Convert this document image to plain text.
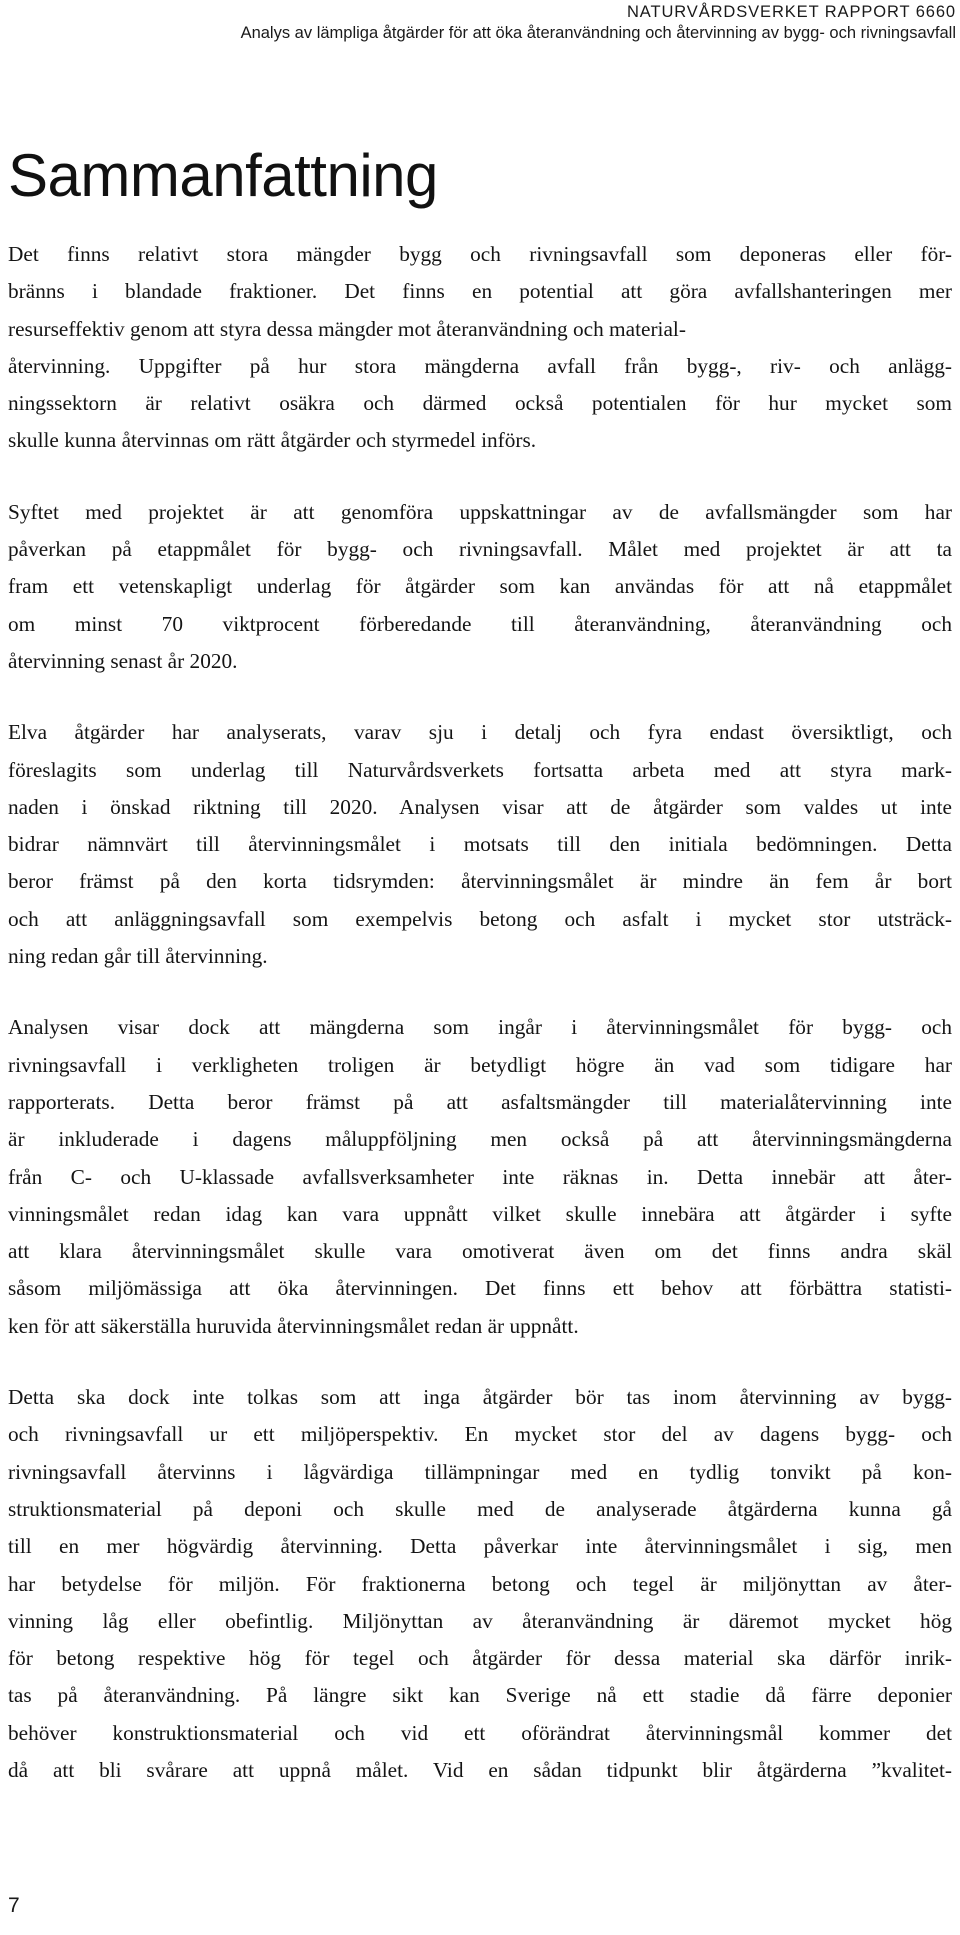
NATURVÅRDSVERKET RAPPORT 6660
Analys av lämpliga åtgärder för att öka återanvändning och återvinning av bygg- och rivningsavfall
Sammanfattning
Det finns relativt stora mängder bygg och rivningsavfall som deponeras eller för-
bränns i blandade fraktioner. Det finns en potential att göra avfallshanteringen mer
resurseffektiv genom att styra dessa mängder mot återanvändning och material-
återvinning. Uppgifter på hur stora mängderna avfall från bygg-, riv- och anlägg-
ningssektorn är relativt osäkra och därmed också potentialen för hur mycket som
skulle kunna återvinnas om rätt åtgärder och styrmedel införs.
Syftet med projektet är att genomföra uppskattningar av de avfallsmängder som har
påverkan på etappmålet för bygg- och rivningsavfall. Målet med projektet är att ta
fram ett vetenskapligt underlag för åtgärder som kan användas för att nå etappmålet
om minst 70 viktprocent förberedande till återanvändning, återanvändning och
återvinning senast år 2020.
Elva åtgärder har analyserats, varav sju i detalj och fyra endast översiktligt, och
föreslagits som underlag till Naturvårdsverkets fortsatta arbeta med att styra mark-
naden i önskad riktning till 2020. Analysen visar att de åtgärder som valdes ut inte
bidrar nämnvärt till återvinningsmålet i motsats till den initiala bedömningen. Detta
beror främst på den korta tidsrymden: återvinningsmålet är mindre än fem år bort
och att anläggningsavfall som exempelvis betong och asfalt i mycket stor utsträck-
ning redan går till återvinning.
Analysen visar dock att mängderna som ingår i återvinningsmålet för bygg- och
rivningsavfall i verkligheten troligen är betydligt högre än vad som tidigare har
rapporterats. Detta beror främst på att asfaltsmängder till materialåtervinning inte
är inkluderade i dagens måluppföljning men också på att återvinningsmängderna
från C- och U-klassade avfallsverksamheter inte räknas in. Detta innebär att åter-
vinningsmålet redan idag kan vara uppnått vilket skulle innebära att åtgärder i syfte
att klara återvinningsmålet skulle vara omotiverat även om det finns andra skäl
såsom miljömässiga att öka återvinningen. Det finns ett behov att förbättra statisti-
ken för att säkerställa huruvida återvinningsmålet redan är uppnått.
Detta ska dock inte tolkas som att inga åtgärder bör tas inom återvinning av bygg-
och rivningsavfall ur ett miljöperspektiv. En mycket stor del av dagens bygg- och
rivningsavfall återvinns i lågvärdiga tillämpningar med en tydlig tonvikt på kon-
struktionsmaterial på deponi och skulle med de analyserade åtgärderna kunna gå
till en mer högvärdig återvinning. Detta påverkar inte återvinningsmålet i sig, men
har betydelse för miljön. För fraktionerna betong och tegel är miljönyttan av åter-
vinning låg eller obefintlig. Miljönyttan av återanvändning är däremot mycket hög
för betong respektive hög för tegel och åtgärder för dessa material ska därför inrik-
tas på återanvändning. På längre sikt kan Sverige nå ett stadie då färre deponier
behöver konstruktionsmaterial och vid ett oförändrat återvinningsmål kommer det
då att bli svårare att uppnå målet. Vid en sådan tidpunkt blir åtgärderna ”kvalitet-
7
